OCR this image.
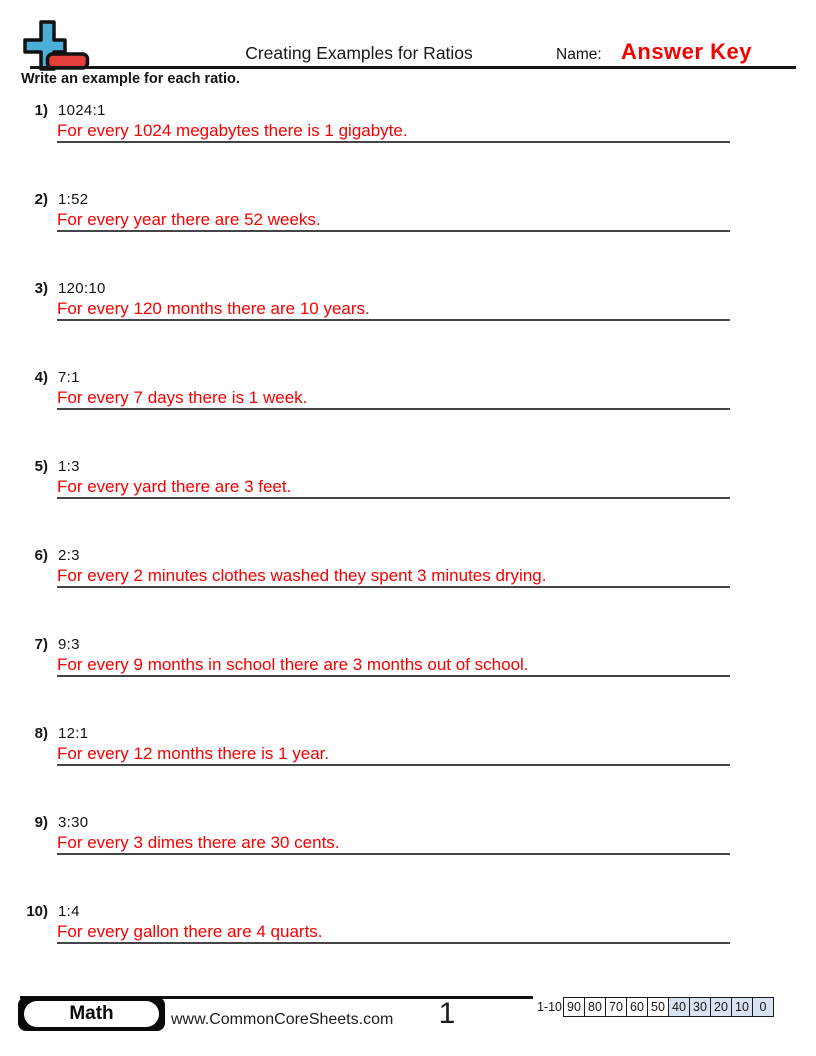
Creating Examples for Ratios	Name: Answer Key
Write an example for each ratio.
1) 1024:1
For every 1024 megabytes there is 1 gigabyte.
2) 1:52
For every year there are 52 weeks.
3) 120:10
For every 120 months there are 10 years.
4) 7:1
For every 7 days there is 1 week.
5) 1:3
For every yard there are 3 feet.
6) 2:3
For every 2 minutes clothes washed they spent 3 minutes drying.
7) 9:3
For every 9 months in school there are 3 months out of school.
8) 12:1
For every 12 months there is 1 year.
9) 3:30
For every 3 dimes there are 30 cents.
10) 1:4
For every gallon there are 4 quarts.
Math	www.CommonCoreSheets.com	1	1-10 90 80 70 60 50 40 30 20 10 0
